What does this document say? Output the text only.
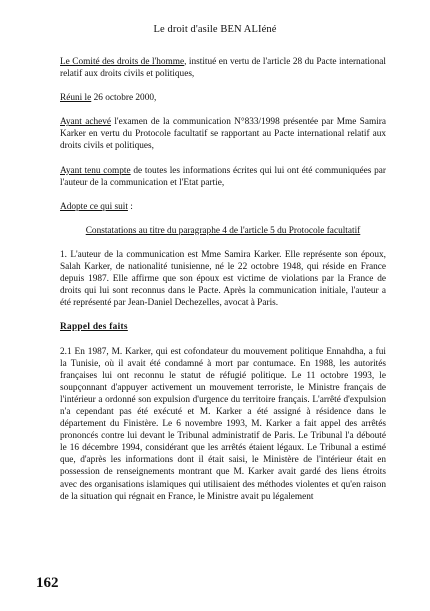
Le droit d'asile BEN ALIéné

Le Comité des droits de l'homme, institué en vertu de l'article 28 du Pacte international relatif aux droits civils et politiques,

Réuni le 26 octobre 2000,

Ayant achevé l'examen de la communication N°833/1998 présentée par Mme Samira Karker en vertu du Protocole facultatif se rapportant au Pacte international relatif aux droits civils et politiques,

Ayant tenu compte de toutes les informations écrites qui lui ont été communiquées par l'auteur de la communication et l'Etat partie,

Adopte ce qui suit :

Constatations au titre du paragraphe 4 de l'article 5 du Protocole facultatif

1. L'auteur de la communication est Mme Samira Karker. Elle représente son époux, Salah Karker, de nationalité tunisienne, né le 22 octobre 1948, qui réside en France depuis 1987. Elle affirme que son époux est victime de violations par la France de droits qui lui sont reconnus dans le Pacte. Après la communication initiale, l'auteur a été représenté par Jean-Daniel Dechezelles, avocat à Paris.

Rappel des faits

2.1 En 1987, M. Karker, qui est cofondateur du mouvement politique Ennahdha, a fui la Tunisie, où il avait été condamné à mort par contumace. En 1988, les autorités françaises lui ont reconnu le statut de réfugié politique. Le 11 octobre 1993, le soupçonnant d'appuyer activement un mouvement terroriste, le Ministre français de l'intérieur a ordonné son expulsion d'urgence du territoire français. L'arrêté d'expulsion n'a cependant pas été exécuté et M. Karker a été assigné à résidence dans le département du Finistère. Le 6 novembre 1993, M. Karker a fait appel des arrêtés prononcés contre lui devant le Tribunal administratif de Paris. Le Tribunal l'a débouté le 16 décembre 1994, considérant que les arrêtés étaient légaux. Le Tribunal a estimé que, d'après les informations dont il était saisi, le Ministère de l'intérieur était en possession de renseignements montrant que M. Karker avait gardé des liens étroits avec des organisations islamiques qui utilisaient des méthodes violentes et qu'en raison de la situation qui régnait en France, le Ministre avait pu légalement

162
